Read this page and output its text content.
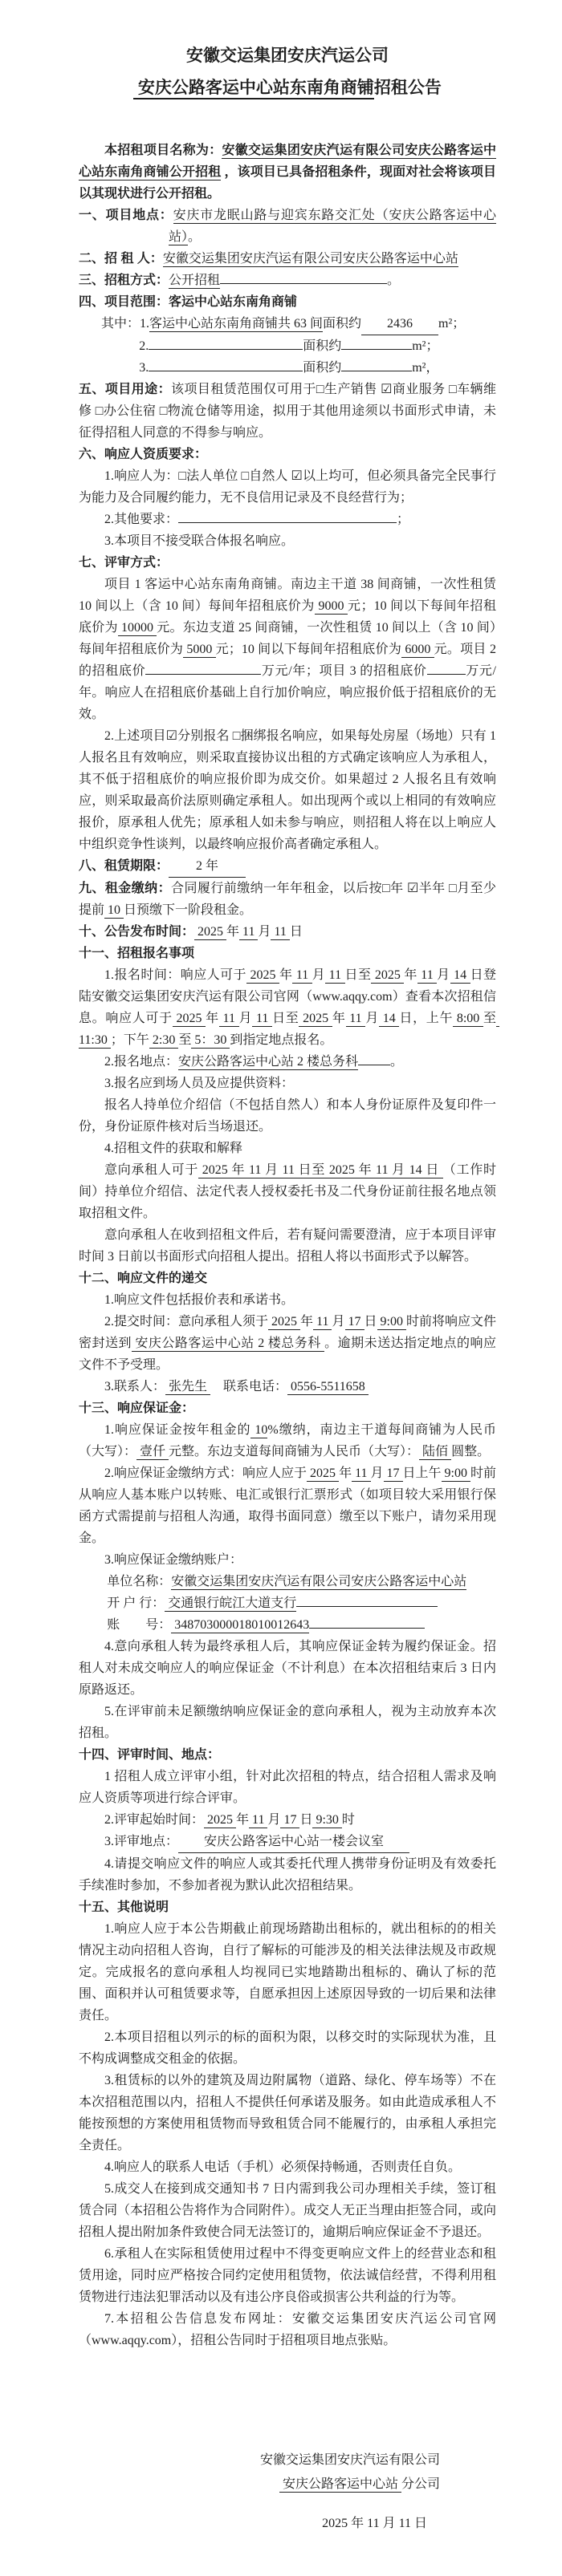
安徽交运集团安庆汽运公司

安庆公路客运中心站东南角商铺招租公告

本招租项目名称为：安徽交运集团安庆汽运有限公司安庆公路客运中心站东南角商铺公开招租 ，该项目已具备招租条件，现面对社会将该项目以其现状进行公开招租。

一、项目地点：安庆市龙眠山路与迎宾东路交汇处（安庆公路客运中心站）。

二、招 租 人：安徽交运集团安庆汽运有限公司安庆公路客运中心站

三、招租方式：公开招租	。

四、项目范围：客运中心站东南角商铺

其中：1.客运中心站东南角商铺共 63 间面积约 2436 m²；

2.	面积约	m²；

3.	面积约	m²，

五、项目用途：该项目租赁范围仅可用于□生产销售 ☑商业服务 □车辆维修 □办公住宿 □物流仓储等用途，拟用于其他用途须以书面形式申请，未征得招租人同意的不得参与响应。

六、响应人资质要求：

1.响应人为：□法人单位 □自然人 ☑以上均可，但必须具备完全民事行为能力及合同履约能力，无不良信用记录及不良经营行为；

2.其他要求：	；

3.本项目不接受联合体报名响应。

七、评审方式：

项目 1 客运中心站东南角商铺。南边主干道 38 间商铺，一次性租赁 10 间以上（含 10 间）每间年招租底价为 9000 元；10 间以下每间年招租底价为 10000 元。东边支道 25 间商铺，一次性租赁 10 间以上（含 10 间）每间年招租底价为 5000 元；10 间以下每间年招租底价为 6000 元。项目 2 的招租底价	万元/年；项目 3 的招租底价	万元/年。响应人在招租底价基础上自行加价响应，响应报价低于招租底价的无效。

2.上述项目☑分别报名 □捆绑报名响应，如果每处房屋（场地）只有 1 人报名且有效响应，则采取直接协议出租的方式确定该响应人为承租人，其不低于招租底价的响应报价即为成交价。如果超过 2 人报名且有效响应，则采取最高价法原则确定承租人。如出现两个或以上相同的有效响应报价，原承租人优先；原承租人如未参与响应，则招租人将在以上响应人中组织竞争性谈判，以最终响应报价高者确定承租人。

八、租赁期限： 2 年

九、租金缴纳：合同履行前缴纳一年年租金，以后按□年 ☑半年 □月至少提前 10 日预缴下一阶段租金。

十、公告发布时间： 2025 年 11 月 11 日

十一、招租报名事项

1.报名时间：响应人可于 2025 年 11 月 11 日至 2025 年 11 月 14 日登陆安徽交运集团安庆汽运有限公司官网（www.aqqy.com）查看本次招租信息。响应人可于 2025 年 11 月 11 日至 2025 年 11 月 14 日，上午 8:00 至 11:30 ；下午 2:30 至 5：30 到指定地点报名。

2.报名地点：安庆公路客运中心站 2 楼总务科	。

3.报名应到场人员及应提供资料：

报名人持单位介绍信（不包括自然人）和本人身份证原件及复印件一份，身份证原件核对后当场退还。

4.招租文件的获取和解释

意向承租人可于 2025 年 11 月 11 日至 2025 年 11 月 14 日 （工作时间）持单位介绍信、法定代表人授权委托书及二代身份证前往报名地点领取招租文件。

意向承租人在收到招租文件后，若有疑问需要澄清，应于本项目评审时间 3 日前以书面形式向招租人提出。招租人将以书面形式予以解答。

十二、响应文件的递交

1.响应文件包括报价表和承诺书。

2.提交时间：意向承租人须于 2025 年 11 月 17 日 9:00 时前将响应文件密封送到 安庆公路客运中心站 2 楼总务科 。逾期未送达指定地点的响应文件不予受理。

3.联系人： 张先生 　联系电话： 0556-5511658

十三、响应保证金：

1.响应保证金按年租金的 10%缴纳，南边主干道每间商铺为人民币（大写）： 壹仟 元整。东边支道每间商铺为人民币（大写）： 陆佰 圆整。

2.响应保证金缴纳方式：响应人应于 2025 年 11 月 17 日上午 9:00 时前从响应人基本账户以转账、电汇或银行汇票形式（如项目较大采用银行保函方式需提前与招租人沟通，取得书面同意）缴至以下账户，请勿采用现金。

3.响应保证金缴纳账户：

单位名称：安徽交运集团安庆汽运有限公司安庆公路客运中心站

开 户 行： 交通银行皖江大道支行

账　　号： 348703000018010012643

4.意向承租人转为最终承租人后，其响应保证金转为履约保证金。招租人对未成交响应人的响应保证金（不计利息）在本次招租结束后 3 日内原路返还。

5.在评审前未足额缴纳响应保证金的意向承租人，视为主动放弃本次招租。

十四、评审时间、地点：

1 招租人成立评审小组，针对此次招租的特点，结合招租人需求及响应人资质等项进行综合评审。

2.评审起始时间： 2025 年 11 月 17 日 9:30 时

3.评审地点： 安庆公路客运中心站一楼会议室

4.请提交响应文件的响应人或其委托代理人携带身份证明及有效委托手续准时参加，不参加者视为默认此次招租结果。

十五、其他说明

1.响应人应于本公告期截止前现场踏勘出租标的，就出租标的的相关情况主动向招租人咨询，自行了解标的可能涉及的相关法律法规及市政规定。完成报名的意向承租人均视同已实地踏勘出租标的、确认了标的范围、面积并认可租赁要求等，自愿承担因上述原因导致的一切后果和法律责任。

2.本项目招租以列示的标的面积为限，以移交时的实际现状为准，且不构成调整成交租金的依据。

3.租赁标的以外的建筑及周边附属物（道路、绿化、停车场等）不在本次招租范围以内，招租人不提供任何承诺及服务。如由此造成承租人不能按预想的方案使用租赁物而导致租赁合同不能履行的，由承租人承担完全责任。

4.响应人的联系人电话（手机）必须保持畅通，否则责任自负。

5.成交人在接到成交通知书 7 日内需到我公司办理相关手续，签订租赁合同（本招租公告将作为合同附件）。成交人无正当理由拒签合同，或向招租人提出附加条件致使合同无法签订的，逾期后响应保证金不予退还。

6.承租人在实际租赁使用过程中不得变更响应文件上的经营业态和租赁用途，同时应严格按合同约定使用租赁物，依法诚信经营，不得利用租赁物进行违法犯罪活动以及有违公序良俗或损害公共利益的行为等。

7.本招租公告信息发布网址：安徽交运集团安庆汽运公司官网（www.aqqy.com），招租公告同时于招租项目地点张贴。

安徽交运集团安庆汽运有限公司

安庆公路客运中心站 分公司

2025 年 11 月 11 日
